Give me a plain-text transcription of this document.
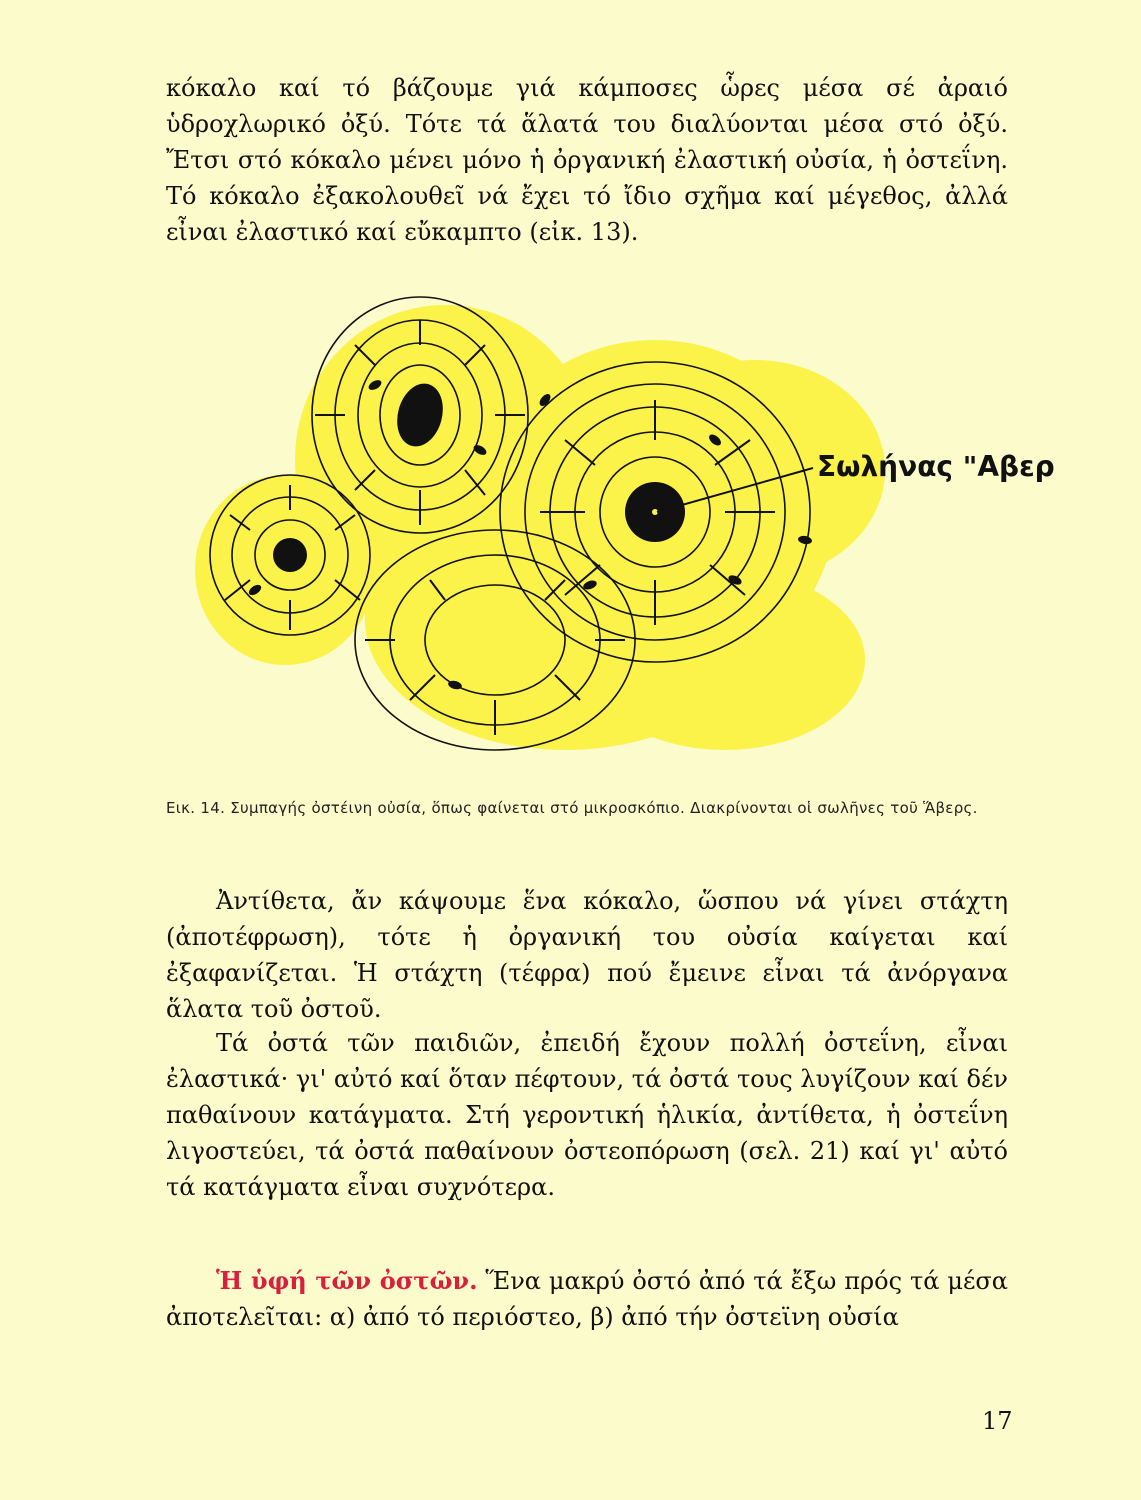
κόκαλο καί τό βάζουμε γιά κάμποσες ὧρες μέσα σέ ἀραιό ὑδροχλωρικό ὀξύ. Τότε τά ἅλατά του διαλύονται μέσα στό ὀξύ. Ἔτσι στό κόκαλο μένει μόνο ἡ ὀργανική ἐλαστική οὐσία, ἡ ὀστεΐνη. Τό κόκαλο ἐξακολουθεῖ νά ἔχει τό ἴδιο σχῆμα καί μέγεθος, ἀλλά εἶναι ἐλαστικό καί εὔκαμπτο (εἰκ. 13).

Σωλήνας "Αβερς

Εικ. 14. Συμπαγής ὀστέινη οὐσία, ὅπως φαίνεται στό μικροσκόπιο. Διακρίνονται οἱ σωλῆνες τοῦ Ἅβερς.

Ἀντίθετα, ἄν κάψουμε ἕνα κόκαλο, ὥσπου νά γίνει στάχτη (ἀποτέφρωση), τότε ἡ ὀργανική του οὐσία καίγεται καί ἐξαφανίζεται. Ἡ στάχτη (τέφρα) πού ἔμεινε εἶναι τά ἀνόργανα ἅλατα τοῦ ὀστοῦ.

Τά ὀστά τῶν παιδιῶν, ἐπειδή ἔχουν πολλή ὀστεΐνη, εἶναι ἐλαστικά· γι' αὐτό καί ὅταν πέφτουν, τά ὀστά τους λυγίζουν καί δέν παθαίνουν κατάγματα. Στή γεροντική ἡλικία, ἀντίθετα, ἡ ὀστεΐνη λιγοστεύει, τά ὀστά παθαίνουν ὀστεοπόρωση (σελ. 21) καί γι' αὐτό τά κατάγματα εἶναι συχνότερα.

Ἡ ὑφή τῶν ὀστῶν. Ἕνα μακρύ ὀστό ἀπό τά ἔξω πρός τά μέσα ἀποτελεῖται: α) ἀπό τό περιόστεο, β) ἀπό τήν ὀστεϊνη οὐσία

17
